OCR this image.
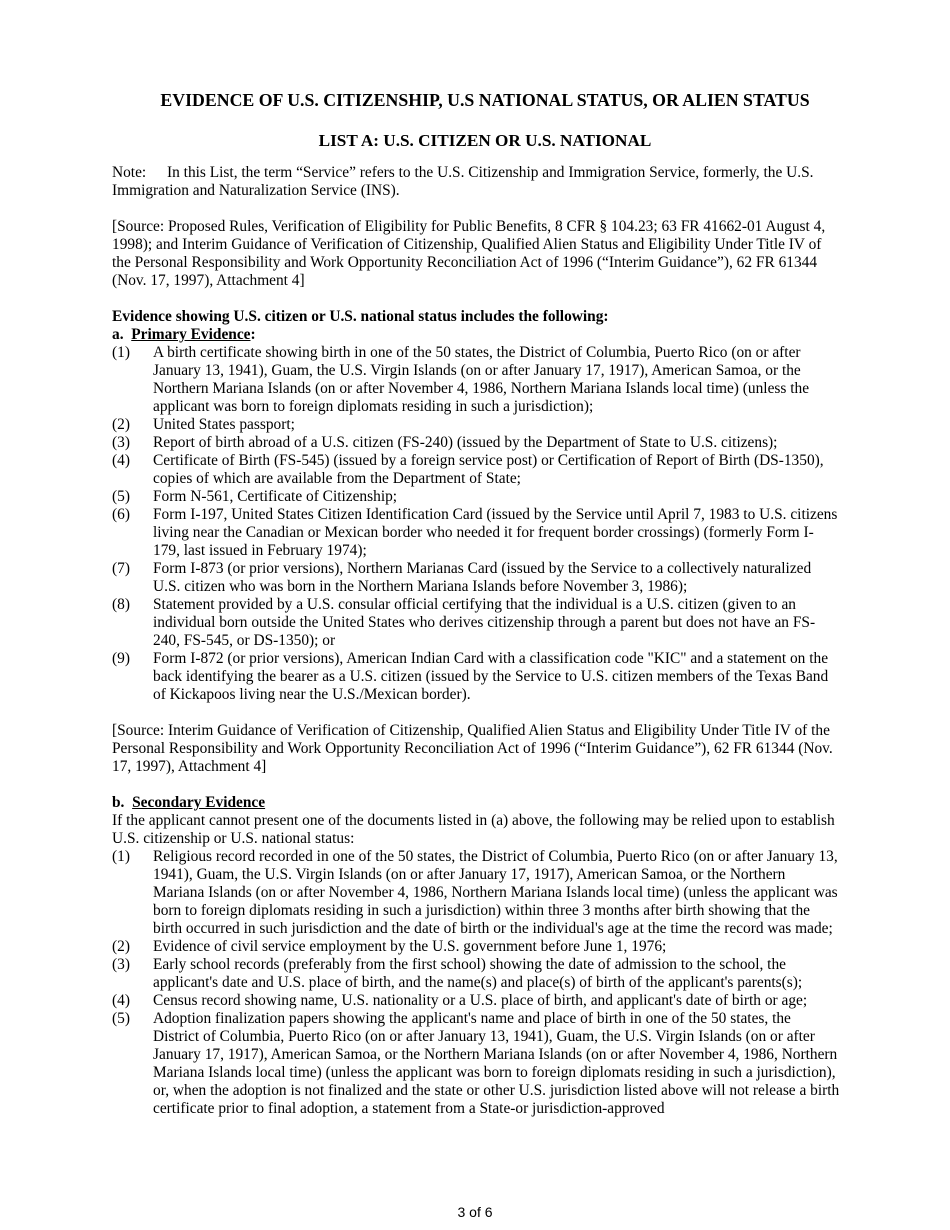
EVIDENCE OF U.S. CITIZENSHIP, U.S NATIONAL STATUS, OR ALIEN STATUS
LIST A: U.S. CITIZEN OR U.S. NATIONAL

Note: In this List, the term “Service” refers to the U.S. Citizenship and Immigration Service, formerly, the U.S. Immigration and Naturalization Service (INS).

[Source: Proposed Rules, Verification of Eligibility for Public Benefits, 8 CFR § 104.23; 63 FR 41662-01 August 4, 1998); and Interim Guidance of Verification of Citizenship, Qualified Alien Status and Eligibility Under Title IV of the Personal Responsibility and Work Opportunity Reconciliation Act of 1996 (“Interim Guidance”), 62 FR 61344 (Nov. 17, 1997), Attachment 4]

Evidence showing U.S. citizen or U.S. national status includes the following:

a. Primary Evidence:

(1) A birth certificate showing birth in one of the 50 states, the District of Columbia, Puerto Rico (on or after January 13, 1941), Guam, the U.S. Virgin Islands (on or after January 17, 1917), American Samoa, or the Northern Mariana Islands (on or after November 4, 1986, Northern Mariana Islands local time) (unless the applicant was born to foreign diplomats residing in such a jurisdiction);
(2) United States passport;
(3) Report of birth abroad of a U.S. citizen (FS-240) (issued by the Department of State to U.S. citizens);
(4) Certificate of Birth (FS-545) (issued by a foreign service post) or Certification of Report of Birth (DS-1350), copies of which are available from the Department of State;
(5) Form N-561, Certificate of Citizenship;
(6) Form I-197, United States Citizen Identification Card (issued by the Service until April 7, 1983 to U.S. citizens living near the Canadian or Mexican border who needed it for frequent border crossings) (formerly Form I-179, last issued in February 1974);
(7) Form I-873 (or prior versions), Northern Marianas Card (issued by the Service to a collectively naturalized U.S. citizen who was born in the Northern Mariana Islands before November 3, 1986);
(8) Statement provided by a U.S. consular official certifying that the individual is a U.S. citizen (given to an individual born outside the United States who derives citizenship through a parent but does not have an FS-240, FS-545, or DS-1350); or
(9) Form I-872 (or prior versions), American Indian Card with a classification code "KIC" and a statement on the back identifying the bearer as a U.S. citizen (issued by the Service to U.S. citizen members of the Texas Band of Kickapoos living near the U.S./Mexican border).

[Source: Interim Guidance of Verification of Citizenship, Qualified Alien Status and Eligibility Under Title IV of the Personal Responsibility and Work Opportunity Reconciliation Act of 1996 (“Interim Guidance”), 62 FR 61344 (Nov. 17, 1997), Attachment 4]

b. Secondary Evidence

If the applicant cannot present one of the documents listed in (a) above, the following may be relied upon to establish U.S. citizenship or U.S. national status:

(1) Religious record recorded in one of the 50 states, the District of Columbia, Puerto Rico (on or after January 13, 1941), Guam, the U.S. Virgin Islands (on or after January 17, 1917), American Samoa, or the Northern Mariana Islands (on or after November 4, 1986, Northern Mariana Islands local time) (unless the applicant was born to foreign diplomats residing in such a jurisdiction) within three 3 months after birth showing that the birth occurred in such jurisdiction and the date of birth or the individual's age at the time the record was made;
(2) Evidence of civil service employment by the U.S. government before June 1, 1976;
(3) Early school records (preferably from the first school) showing the date of admission to the school, the applicant's date and U.S. place of birth, and the name(s) and place(s) of birth of the applicant's parents(s);
(4) Census record showing name, U.S. nationality or a U.S. place of birth, and applicant's date of birth or age;
(5) Adoption finalization papers showing the applicant's name and place of birth in one of the 50 states, the District of Columbia, Puerto Rico (on or after January 13, 1941), Guam, the U.S. Virgin Islands (on or after January 17, 1917), American Samoa, or the Northern Mariana Islands (on or after November 4, 1986, Northern Mariana Islands local time) (unless the applicant was born to foreign diplomats residing in such a jurisdiction), or, when the adoption is not finalized and the state or other U.S. jurisdiction listed above will not release a birth certificate prior to final adoption, a statement from a State-or jurisdiction-approved
3 of 6
